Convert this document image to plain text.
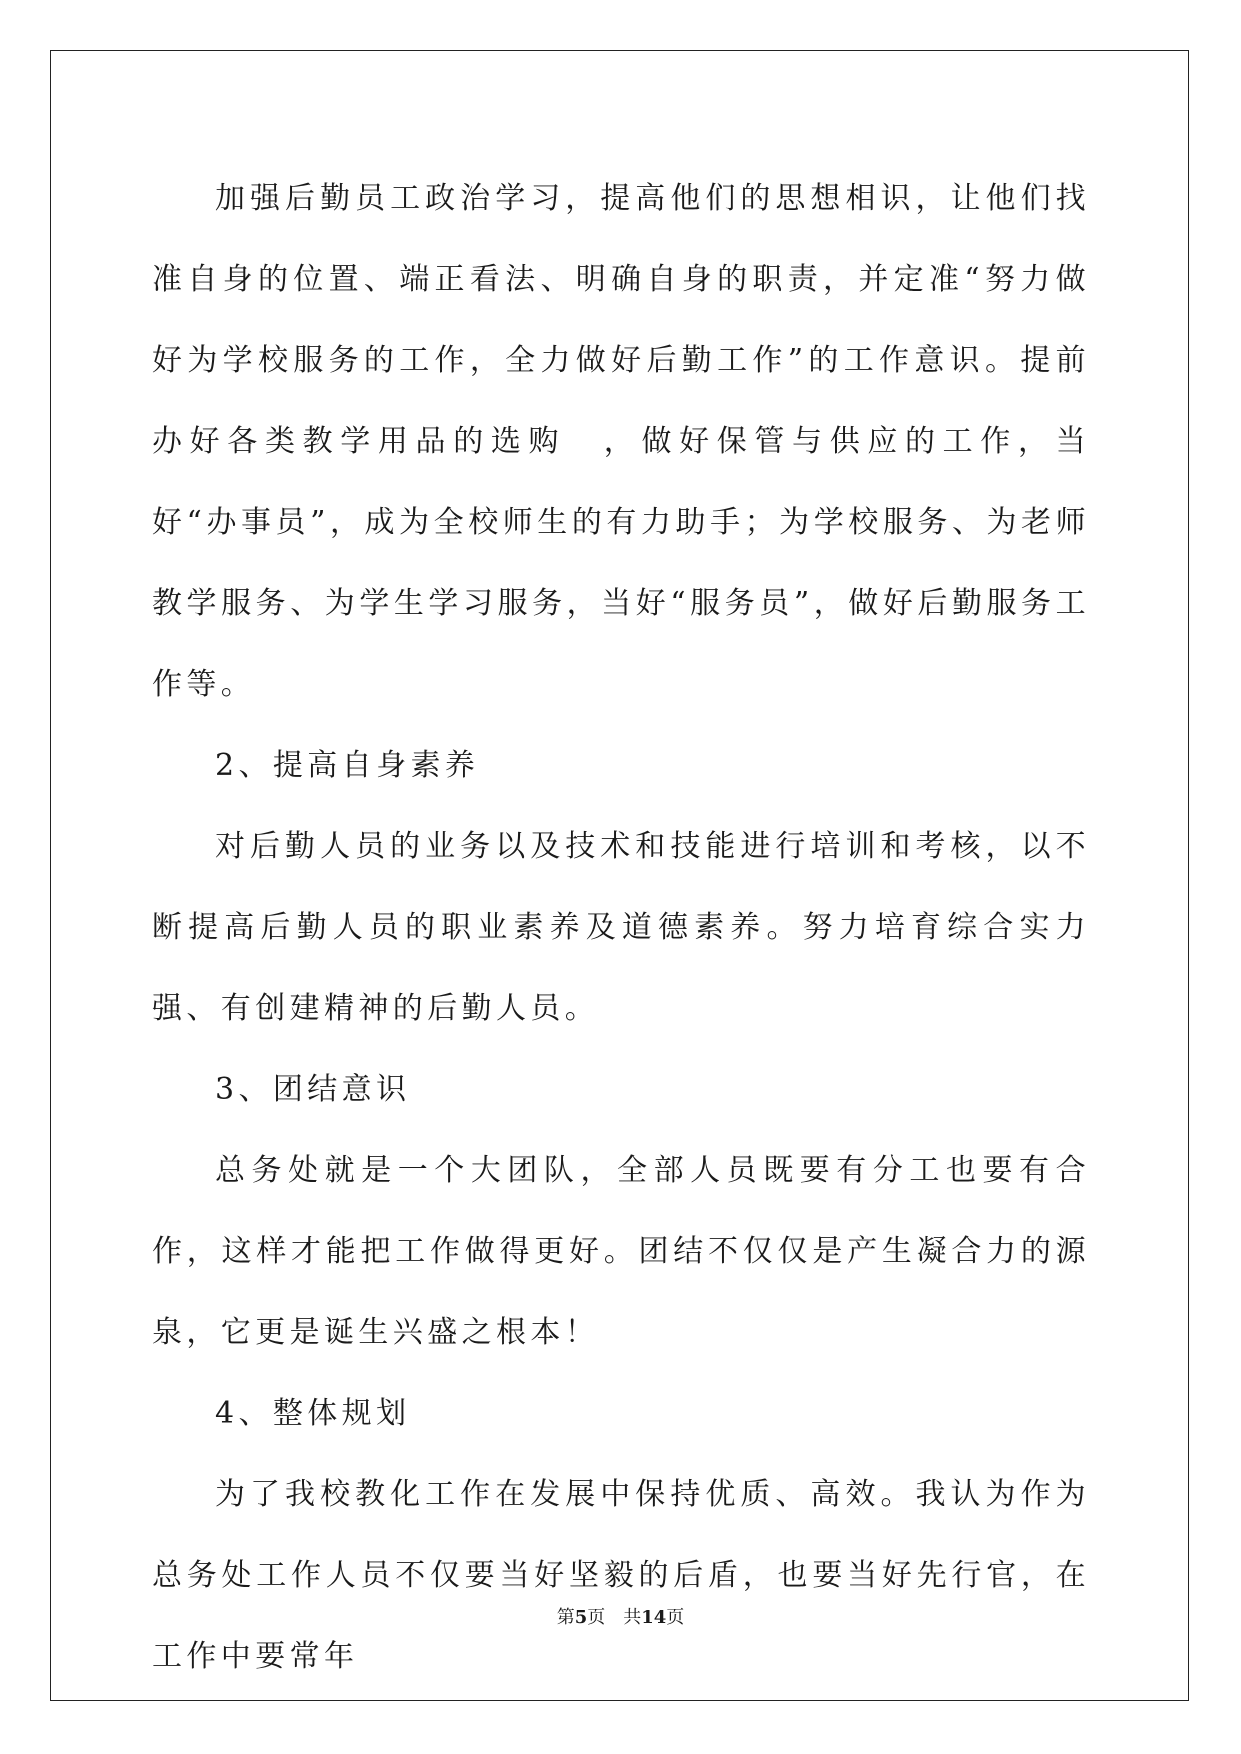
加强后勤员工政治学习，提高他们的思想相识，让他们找准自身的位置、端正看法、明确自身的职责，并定准“努力做好为学校服务的工作，全力做好后勤工作”的工作意识。提前办好各类教学用品的选购　，做好保管与供应的工作，当好“办事员”，成为全校师生的有力助手；为学校服务、为老师教学服务、为学生学习服务，当好“服务员”，做好后勤服务工作等。

2、提高自身素养

对后勤人员的业务以及技术和技能进行培训和考核，以不断提高后勤人员的职业素养及道德素养。努力培育综合实力强、有创建精神的后勤人员。

3、团结意识

总务处就是一个大团队，全部人员既要有分工也要有合作，这样才能把工作做得更好。团结不仅仅是产生凝合力的源泉，它更是诞生兴盛之根本！

4、整体规划

为了我校教化工作在发展中保持优质、高效。我认为作为总务处工作人员不仅要当好坚毅的后盾，也要当好先行官，在工作中要常年

第5页　共14页
